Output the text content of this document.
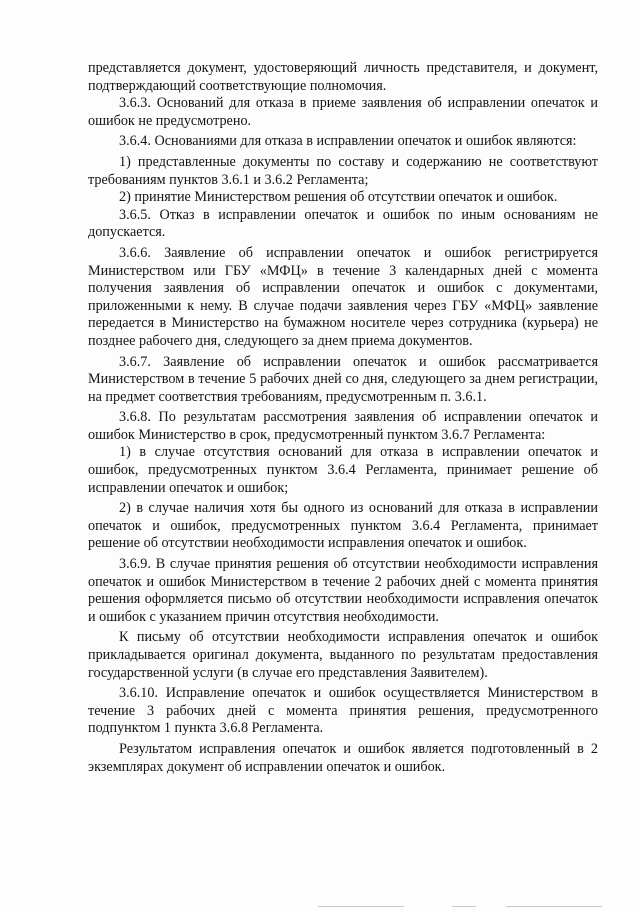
представляется документ, удостоверяющий личность представителя, и документ, подтверждающий соответствующие полномочия.

3.6.3. Оснований для отказа в приеме заявления об исправлении опечаток и ошибок не предусмотрено.

3.6.4. Основаниями для отказа в исправлении опечаток и ошибок являются:

1) представленные документы по составу и содержанию не соответствуют требованиям пунктов 3.6.1 и 3.6.2 Регламента;

2) принятие Министерством решения об отсутствии опечаток и ошибок.

3.6.5. Отказ в исправлении опечаток и ошибок по иным основаниям не допускается.

3.6.6. Заявление об исправлении опечаток и ошибок регистрируется Министерством или ГБУ «МФЦ» в течение 3 календарных дней с момента получения заявления об исправлении опечаток и ошибок с документами, приложенными к нему. В случае подачи заявления через ГБУ «МФЦ» заявление передается в Министерство на бумажном носителе через сотрудника (курьера) не позднее рабочего дня, следующего за днем приема документов.

3.6.7. Заявление об исправлении опечаток и ошибок рассматривается Министерством в течение 5 рабочих дней со дня, следующего за днем регистрации, на предмет соответствия требованиям, предусмотренным п. 3.6.1.

3.6.8. По результатам рассмотрения заявления об исправлении опечаток и ошибок Министерство в срок, предусмотренный пунктом 3.6.7 Регламента:

1) в случае отсутствия оснований для отказа в исправлении опечаток и ошибок, предусмотренных пунктом 3.6.4 Регламента, принимает решение об исправлении опечаток и ошибок;

2) в случае наличия хотя бы одного из оснований для отказа в исправлении опечаток и ошибок, предусмотренных пунктом 3.6.4 Регламента, принимает решение об отсутствии необходимости исправления опечаток и ошибок.

3.6.9. В случае принятия решения об отсутствии необходимости исправления опечаток и ошибок Министерством в течение 2 рабочих дней с момента принятия решения оформляется письмо об отсутствии необходимости исправления опечаток и ошибок с указанием причин отсутствия необходимости.

К письму об отсутствии необходимости исправления опечаток и ошибок прикладывается оригинал документа, выданного по результатам предоставления государственной услуги (в случае его представления Заявителем).

3.6.10. Исправление опечаток и ошибок осуществляется Министерством в течение 3 рабочих дней с момента принятия решения, предусмотренного подпунктом 1 пункта 3.6.8 Регламента.

Результатом исправления опечаток и ошибок является подготовленный в 2 экземплярах документ об исправлении опечаток и ошибок.
